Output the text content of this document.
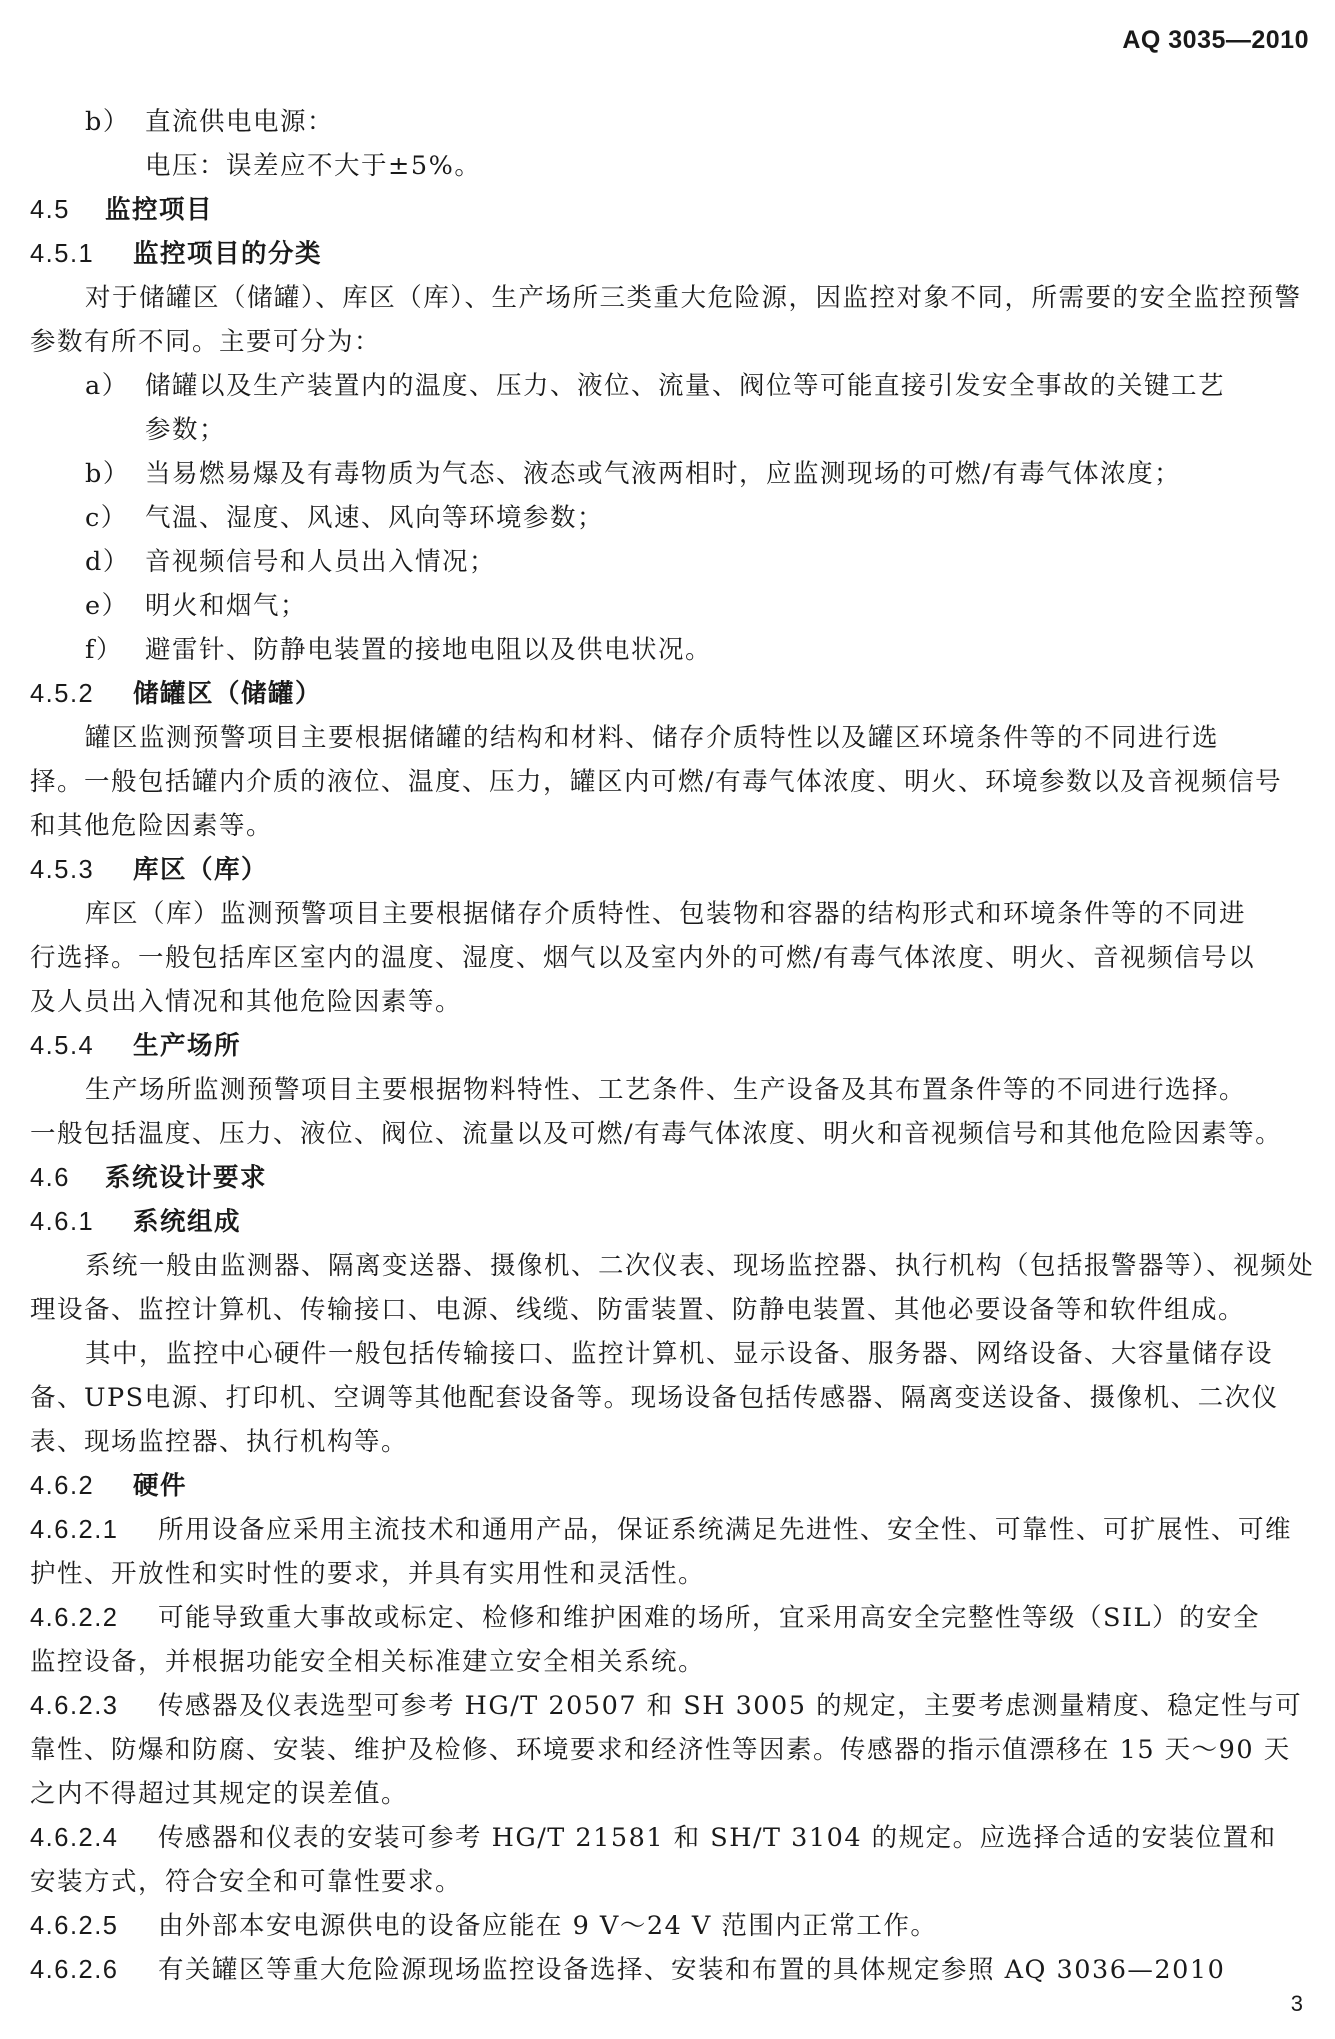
AQ 3035—2010
b） 直流供电电源：
电压：误差应不大于±5%。
4.5 监控项目
4.5.1 监控项目的分类
对于储罐区（储罐）、库区（库）、生产场所三类重大危险源，因监控对象不同，所需要的安全监控预警
参数有所不同。主要可分为：
a） 储罐以及生产装置内的温度、压力、液位、流量、阀位等可能直接引发安全事故的关键工艺
参数；
b） 当易燃易爆及有毒物质为气态、液态或气液两相时，应监测现场的可燃/有毒气体浓度；
c） 气温、湿度、风速、风向等环境参数；
d） 音视频信号和人员出入情况；
e） 明火和烟气；
f） 避雷针、防静电装置的接地电阻以及供电状况。
4.5.2 储罐区（储罐）
罐区监测预警项目主要根据储罐的结构和材料、储存介质特性以及罐区环境条件等的不同进行选
择。一般包括罐内介质的液位、温度、压力，罐区内可燃/有毒气体浓度、明火、环境参数以及音视频信号
和其他危险因素等。
4.5.3 库区（库）
库区（库）监测预警项目主要根据储存介质特性、包装物和容器的结构形式和环境条件等的不同进
行选择。一般包括库区室内的温度、湿度、烟气以及室内外的可燃/有毒气体浓度、明火、音视频信号以
及人员出入情况和其他危险因素等。
4.5.4 生产场所
生产场所监测预警项目主要根据物料特性、工艺条件、生产设备及其布置条件等的不同进行选择。
一般包括温度、压力、液位、阀位、流量以及可燃/有毒气体浓度、明火和音视频信号和其他危险因素等。
4.6 系统设计要求
4.6.1 系统组成
系统一般由监测器、隔离变送器、摄像机、二次仪表、现场监控器、执行机构（包括报警器等）、视频处
理设备、监控计算机、传输接口、电源、线缆、防雷装置、防静电装置、其他必要设备等和软件组成。
其中，监控中心硬件一般包括传输接口、监控计算机、显示设备、服务器、网络设备、大容量储存设
备、UPS电源、打印机、空调等其他配套设备等。现场设备包括传感器、隔离变送设备、摄像机、二次仪
表、现场监控器、执行机构等。
4.6.2 硬件
4.6.2.1	所用设备应采用主流技术和通用产品，保证系统满足先进性、安全性、可靠性、可扩展性、可维
护性、开放性和实时性的要求，并具有实用性和灵活性。
4.6.2.2	可能导致重大事故或标定、检修和维护困难的场所，宜采用高安全完整性等级（SIL）的安全
监控设备，并根据功能安全相关标准建立安全相关系统。
4.6.2.3	传感器及仪表选型可参考 HG/T 20507 和 SH 3005 的规定，主要考虑测量精度、稳定性与可
靠性、防爆和防腐、安装、维护及检修、环境要求和经济性等因素。传感器的指示值漂移在 15 天～90 天
之内不得超过其规定的误差值。
4.6.2.4	传感器和仪表的安装可参考 HG/T 21581 和 SH/T 3104 的规定。应选择合适的安装位置和
安装方式，符合安全和可靠性要求。
4.6.2.5	由外部本安电源供电的设备应能在 9 V～24 V 范围内正常工作。
4.6.2.6	有关罐区等重大危险源现场监控设备选择、安装和布置的具体规定参照 AQ 3036—2010
3
